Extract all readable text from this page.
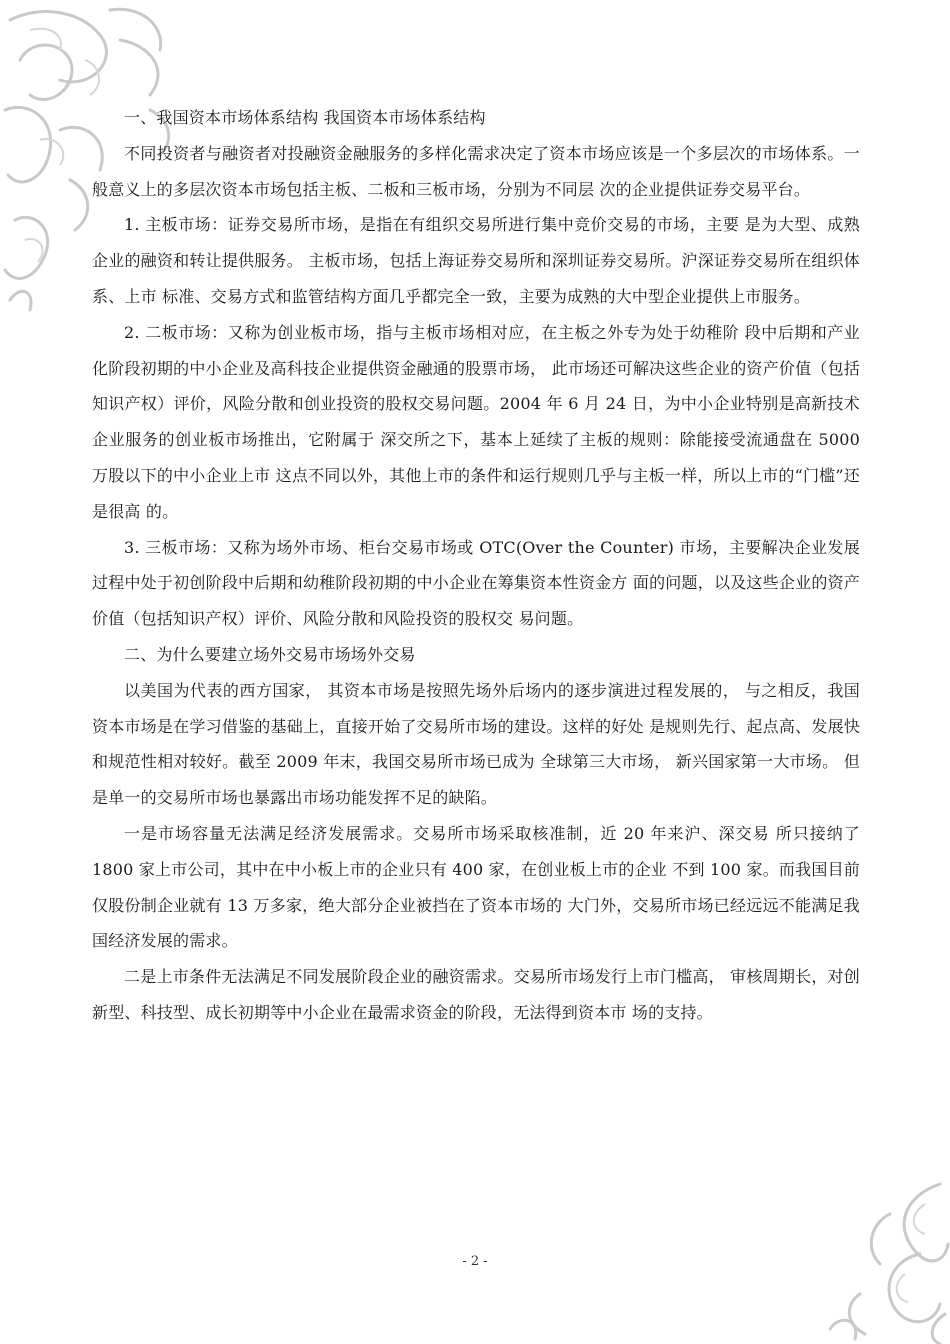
一、我国资本市场体系结构 我国资本市场体系结构

不同投资者与融资者对投融资金融服务的多样化需求决定了资本市场应该是一个多层次的市场体系。一般意义上的多层次资本市场包括主板、二板和三板市场，分别为不同层 次的企业提供证券交易平台。

1. 主板市场：证券交易所市场，是指在有组织交易所进行集中竞价交易的市场，主要 是为大型、成熟企业的融资和转让提供服务。 主板市场，包括上海证券交易所和深圳证券交易所。沪深证券交易所在组织体系、上市 标准、交易方式和监管结构方面几乎都完全一致，主要为成熟的大中型企业提供上市服务。

2. 二板市场：又称为创业板市场，指与主板市场相对应，在主板之外专为处于幼稚阶 段中后期和产业化阶段初期的中小企业及高科技企业提供资金融通的股票市场， 此市场还可解决这些企业的资产价值（包括知识产权）评价，风险分散和创业投资的股权交易问题。2004 年 6 月 24 日，为中小企业特别是高新技术企业服务的创业板市场推出，它附属于 深交所之下，基本上延续了主板的规则：除能接受流通盘在 5000 万股以下的中小企业上市 这点不同以外，其他上市的条件和运行规则几乎与主板一样，所以上市的“门槛”还是很高 的。

3. 三板市场：又称为场外市场、柜台交易市场或 OTC(Over the Counter) 市场，主要解决企业发展过程中处于初创阶段中后期和幼稚阶段初期的中小企业在筹集资本性资金方 面的问题，以及这些企业的资产价值（包括知识产权）评价、风险分散和风险投资的股权交 易问题。

二、为什么要建立场外交易市场场外交易

以美国为代表的西方国家， 其资本市场是按照先场外后场内的逐步演进过程发展的， 与之相反，我国资本市场是在学习借鉴的基础上，直接开始了交易所市场的建设。这样的好处 是规则先行、起点高、发展快和规范性相对较好。截至 2009 年末，我国交易所市场已成为 全球第三大市场， 新兴国家第一大市场。 但是单一的交易所市场也暴露出市场功能发挥不足的缺陷。

一是市场容量无法满足经济发展需求。交易所市场采取核准制，近 20 年来沪、深交易 所只接纳了 1800 家上市公司，其中在中小板上市的企业只有 400 家，在创业板上市的企业 不到 100 家。而我国目前仅股份制企业就有 13 万多家，绝大部分企业被挡在了资本市场的 大门外，交易所市场已经远远不能满足我国经济发展的需求。

二是上市条件无法满足不同发展阶段企业的融资需求。交易所市场发行上市门槛高， 审核周期长，对创新型、科技型、成长初期等中小企业在最需求资金的阶段，无法得到资本市 场的支持。

- 2 -
